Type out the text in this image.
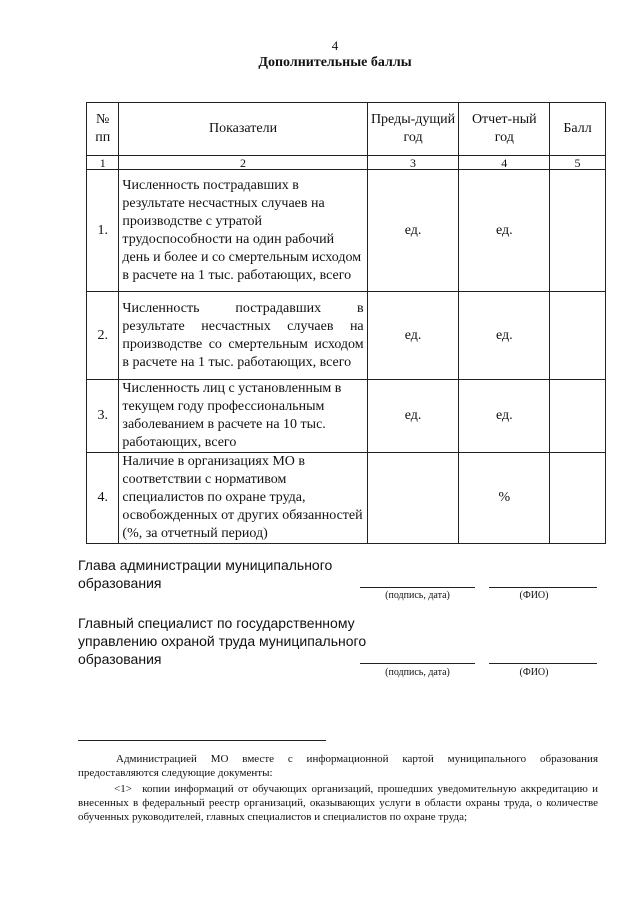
4
Дополнительные баллы
№ пп	Показатели	Преды-дущий год	Отчет-ный год	Балл
1	2	3	4	5
1.	Численность пострадавших в результате несчастных случаев на производстве с утратой трудоспособности на один рабочий день и более и со смертельным исходом в расчете на 1 тыс. работающих, всего	ед.	ед.	
2.	Численность пострадавших в результате несчастных случаев на производстве со смертельным исходом в расчете на 1 тыс. работающих, всего	ед.	ед.	
3.	Численность лиц с установленным в текущем году профессиональным заболеванием в расчете на 10 тыс. работающих, всего	ед.	ед.	
4.	Наличие в организациях МО в соответствии с нормативом специалистов по охране труда, освобожденных от других обязанностей (%, за отчетный период)		%	
Глава администрации муниципального образования
(подпись, дата)	(ФИО)
Главный специалист по государственному управлению охраной труда муниципального образования
(подпись, дата)	(ФИО)
Администрацией МО вместе с информационной картой муниципального образования предоставляются следующие документы:
<1> копии информаций от обучающих организаций, прошедших уведомительную аккредитацию и внесенных в федеральный реестр организаций, оказывающих услуги в области охраны труда, о количестве обученных руководителей, главных специалистов и специалистов по охране труда;
